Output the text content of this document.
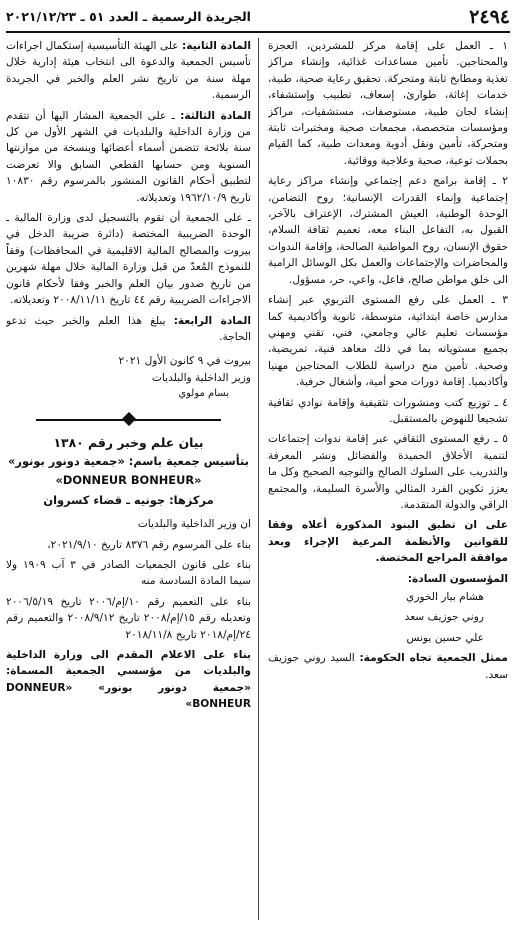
٢٤٩٤
الجريدة الرسمية ـ العدد ٥١ ـ ٢٠٢١/١٢/٢٣

١ ـ العمل على إقامة مركز للمشردين، العجزة والمحتاجين. تأمين مساعدات غذائية، وإنشاء مراكز تغذية ومطابخ ثابتة ومتحركة. تحقيق رعاية صحية، طبية، خدمات إغاثة، طوارئ، إسعاف، تطبيب وإستشفاء، إنشاء لجان طبية، مستوصفات، مستشفيات، مراكز ومؤسسات متخصصة، مجمعات صحية ومختبرات ثابتة ومتحركة، تأمين ونقل أدوية ومعدات طبية، كما القيام بحملات توعية، صحية وعلاجية ووقائية.

٢ ـ إقامة برامج دعم إجتماعي وإنشاء مراكز رعاية إجتماعية وإنماء القدرات الإنسانية؛ روح التضامن، الوحدة الوطنية، العيش المشترك، الإعتراف بالآخر، القبول به، التفاعل البناء معه، تعميم ثقافة السلام، حقوق الإنسان، روح المواطنية الصالحة، وإقامة الندوات والمحاضرات والإجتماعات والعمل بكل الوسائل الرامية الى خلق مواطن صالح، فاعل، واعي، حر، مسؤول.

٣ ـ العمل على رفع المستوى التربوي عبر إنشاء مدارس خاصة ابتدائية، متوسطة، ثانوية وأكاديمية كما مؤسسات تعليم عالي وجامعي، فني، تقني ومهني بجميع مستوياته بما في ذلك معاهد فنية، تمريضية، وصحية. تأمين منح دراسية للطلاب المحتاجين مهنيا وأكاديميا. إقامة دورات محو أمية، وأشغال حرفية.

٤ ـ توزيع كتب ومنشورات تثقيفية وإقامة نوادي ثقافية تشجيعا للنهوض بالمستقبل.

٥ ـ رفع المستوى الثقافي عبر إقامة ندوات إجتماعات لتنمية الأخلاق الحميدة والفضائل ونشر المعرفة والتدريب على السلوك الصالح والتوجيه الصحيح وكل ما يعزز تكوين الفرد المثالي والأسرة السليمة، والمجتمع الراقي والدولة المتقدمة.

على ان تطبق البنود المذكورة أعلاه وفقا للقوانين والأنظمة المرعية الإجراء وبعد موافقة المراجع المختصة.

المؤسسون السادة:

هشام بيار الخوري

روني جوزيف سعد

علي حسين يونس

ممثل الجمعية تجاه الحكومة: السيد روني جوزيف سعد.

المادة الثانية: على الهيئة التأسيسية إستكمال اجراءات تأسيس الجمعية والدعوة الى انتخاب هيئة إدارية خلال مهلة سنة من تاريخ نشر العلم والخبر في الجريدة الرسمية.

المادة الثالثة: ـ على الجمعية المشار اليها أن تتقدم من وزارة الداخلية والبلديات في الشهر الأول من كل سنة بلائحة تتضمن أسماء أعضائها وبنسخة من موازنتها السنوية ومن حسابها القطعي السابق والا تعرضت لتطبيق أحكام القانون المنشور بالمرسوم رقم ١٠٨٣٠ تاريخ ١٩٦٢/١٠/٩ وتعديلاته.

ـ على الجمعية أن تقوم بالتسجيل لدى وزارة المالية ـ الوحدة الضريبية المختصة (دائرة ضريبة الدخل في بيروت والمصالح المالية الاقليمية في المحافظات) وفقاً للنموذج المُعدّ من قبل وزارة المالية خلال مهلة شهرين من تاريخ صدور بيان العلم والخبر وفقا لأحكام قانون الاجراءات الضريبية رقم ٤٤ تاريخ ٢٠٠٨/١١/١١ وتعديلاته.

المادة الرابعة: يبلغ هذا العلم والخبر حيث تدعو الحاجة.

بيروت في ٩ كانون الأول ٢٠٢١

وزير الداخلية والبلديات

بسام مولوي

بيان علم وخبر رقم ١٣٨٠

بتأسيس جمعية باسم: «جمعية دونور بونور»

«DONNEUR BONHEUR»

مركزها: جونيه ـ قضاء كسروان

ان وزير الداخلية والبلديات

بناء على المرسوم رقم ٨٣٧٦ تاريخ ٢٠٢١/٩/١٠،

بناء على قانون الجمعيات الصادر في ٣ آب ١٩٠٩ ولا سيما المادة السادسة منه

بناء على التعميم رقم ١٠/إم/٢٠٠٦ تاريخ ٢٠٠٦/٥/١٩ وتعديله رقم ١٥/إم/٢٠٠٨ تاريخ ٢٠٠٨/٩/١٢ والتعميم رقم ٢٤/إم/٢٠١٨ تاريخ ٢٠١٨/١١/٨

بناء على الاعلام المقدم الى وزارة الداخلية والبلديات من مؤسسي الجمعية المسماة: «جمعية دونور بونور» «DONNEUR BONHEUR»
